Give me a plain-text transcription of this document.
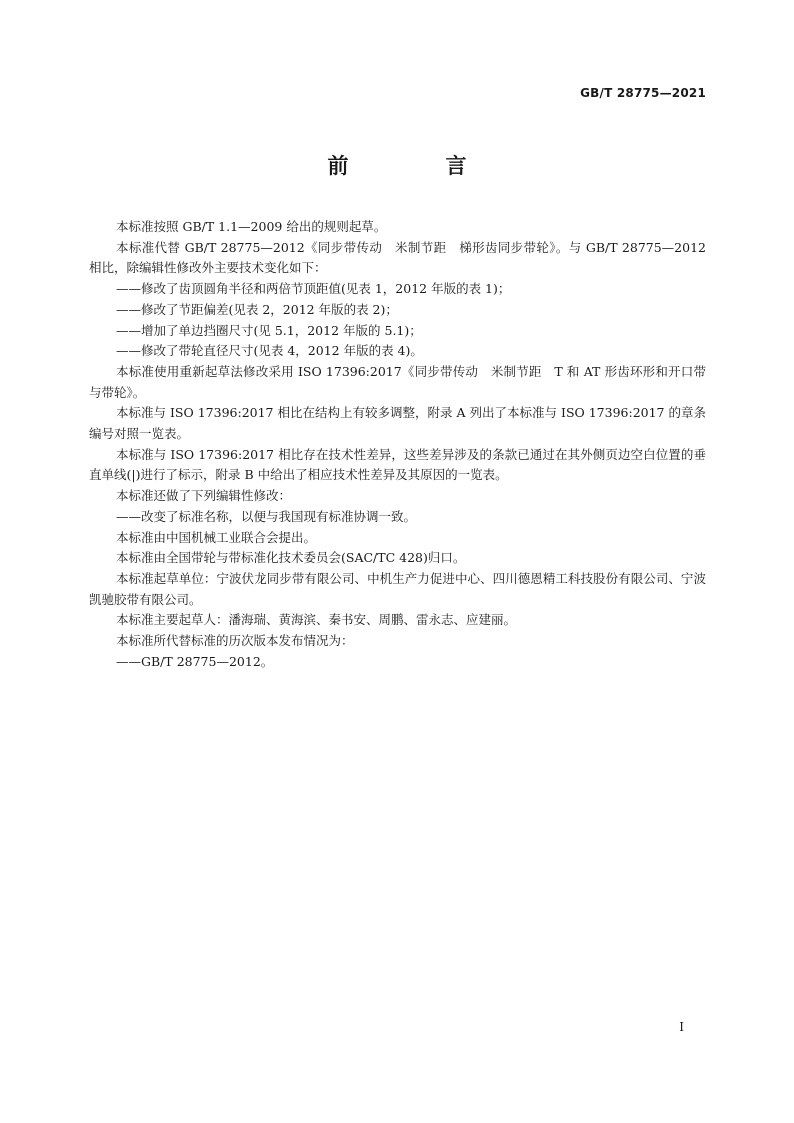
GB/T 28775—2021
前　言

本标准按照 GB/T 1.1—2009 给出的规则起草。

本标准代替 GB/T 28775—2012《同步带传动　米制节距　梯形齿同步带轮》。与 GB/T 28775—2012 相比，除编辑性修改外主要技术变化如下：

——修改了齿顶圆角半径和两倍节顶距值(见表 1，2012 年版的表 1)；

——修改了节距偏差(见表 2，2012 年版的表 2)；

——增加了单边挡圈尺寸(见 5.1，2012 年版的 5.1)；

——修改了带轮直径尺寸(见表 4，2012 年版的表 4)。

本标准使用重新起草法修改采用 ISO 17396:2017《同步带传动　米制节距　T 和 AT 形齿环形和开口带与带轮》。

本标准与 ISO 17396:2017 相比在结构上有较多调整，附录 A 列出了本标准与 ISO 17396:2017 的章条编号对照一览表。

本标准与 ISO 17396:2017 相比存在技术性差异，这些差异涉及的条款已通过在其外侧页边空白位置的垂直单线(|)进行了标示，附录 B 中给出了相应技术性差异及其原因的一览表。

本标准还做了下列编辑性修改：

——改变了标准名称，以便与我国现有标准协调一致。

本标准由中国机械工业联合会提出。

本标准由全国带轮与带标准化技术委员会(SAC/TC 428)归口。

本标准起草单位：宁波伏龙同步带有限公司、中机生产力促进中心、四川德恩精工科技股份有限公司、宁波凯驰胶带有限公司。

本标准主要起草人：潘海瑞、黄海滨、秦书安、周鹏、雷永志、应建丽。

本标准所代替标准的历次版本发布情况为：

——GB/T 28775—2012。

I
